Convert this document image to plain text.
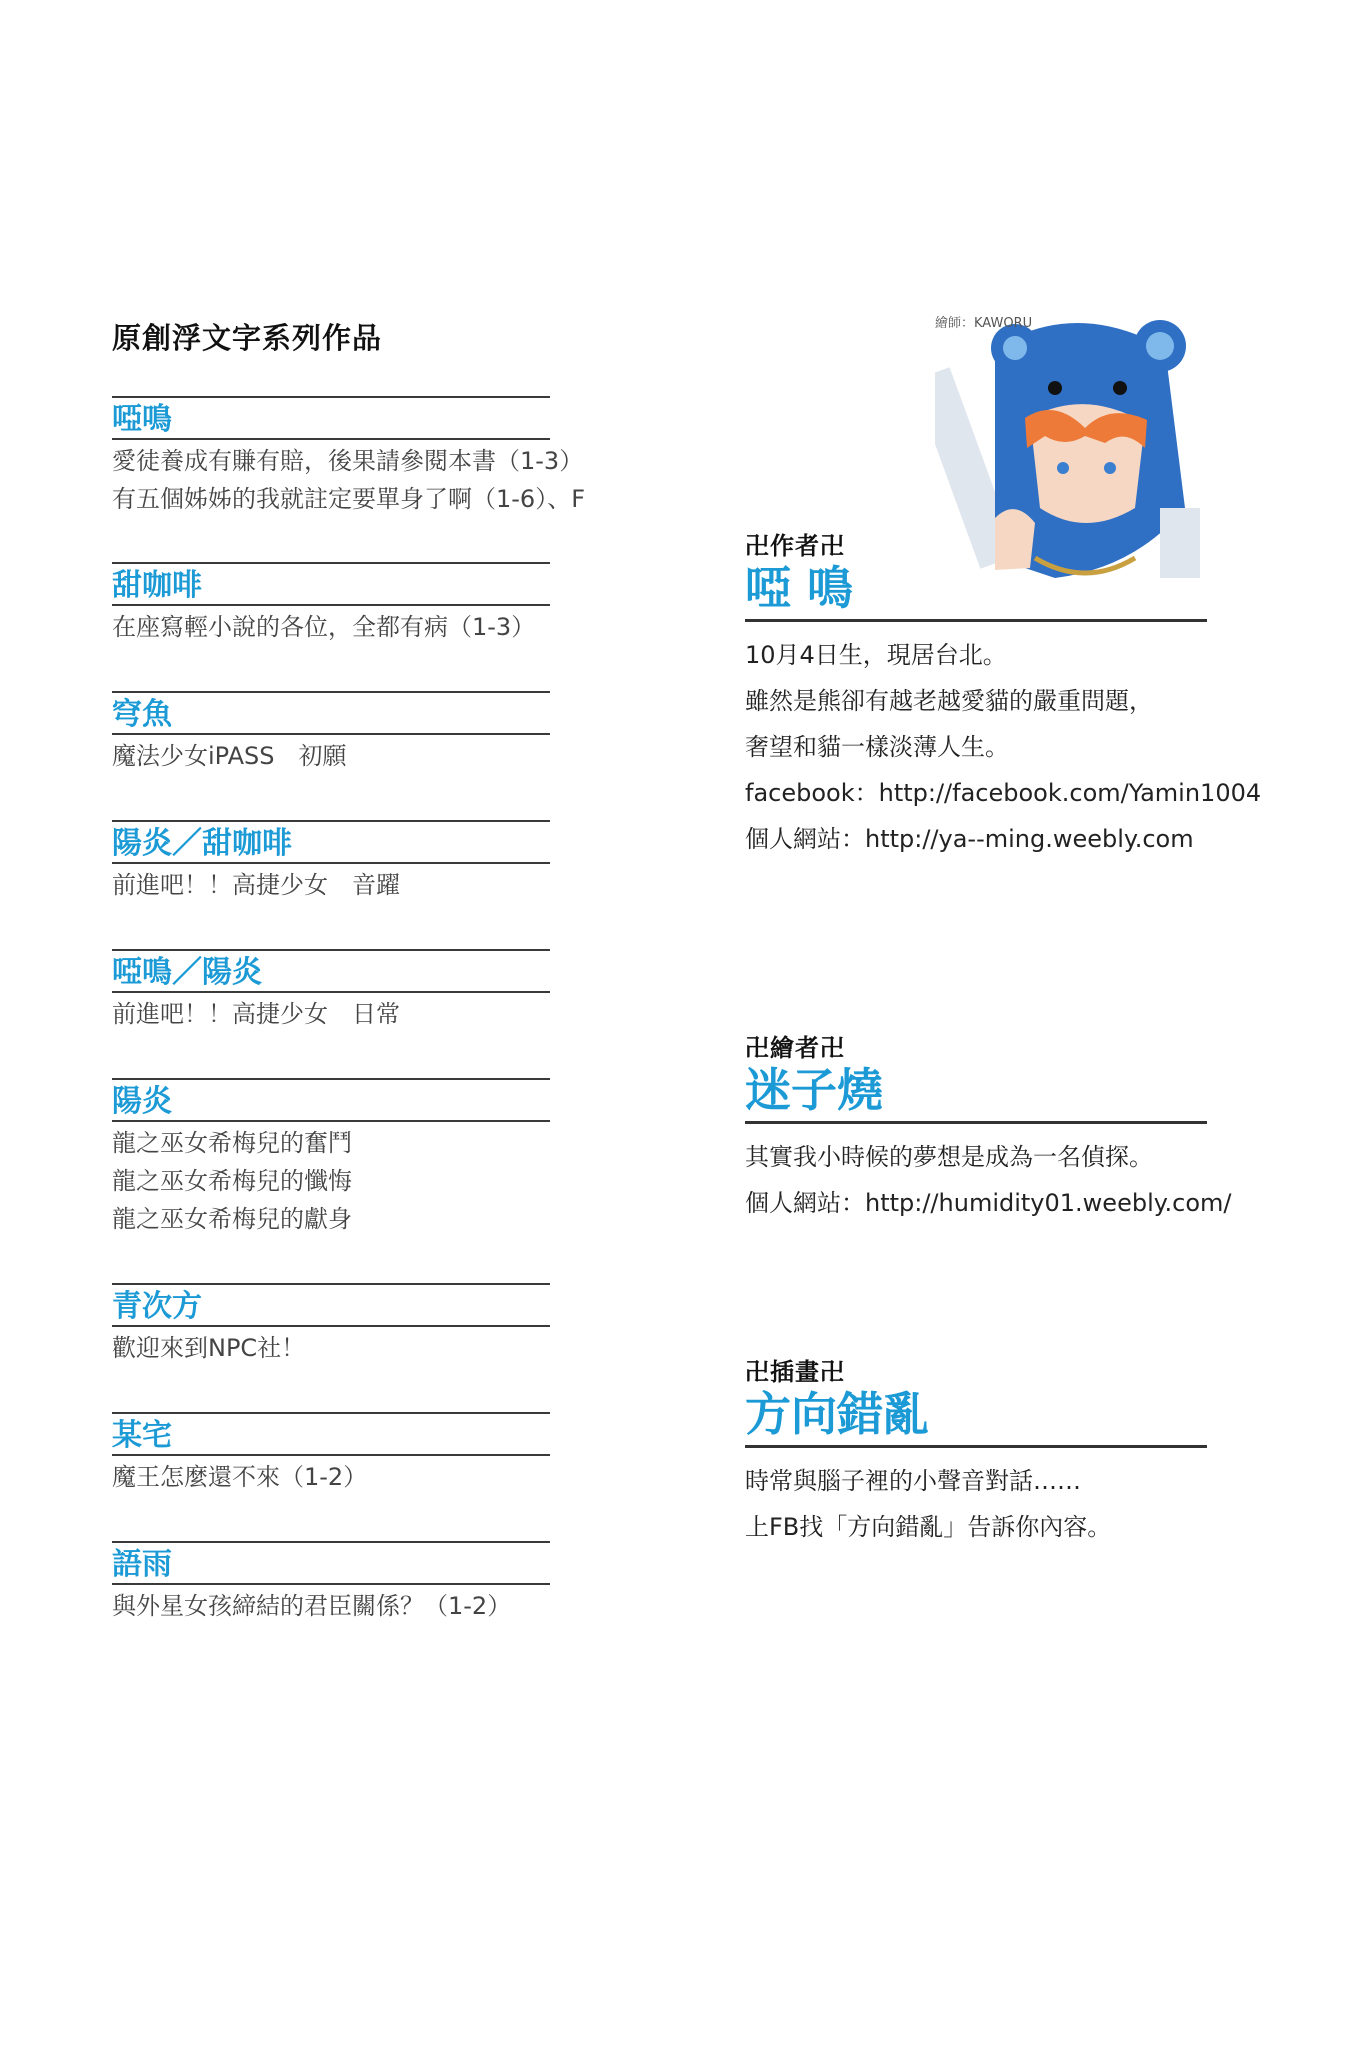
原創浮文字系列作品
啞鳴
愛徒養成有賺有賠，後果請參閱本書（1-3）
有五個姊姊的我就註定要單身了啊（1-6）、F
甜咖啡
在座寫輕小說的各位，全都有病（1-3）
穹魚
魔法少女iPASS　初願
陽炎／甜咖啡
前進吧！！高捷少女　音躍
啞鳴／陽炎
前進吧！！高捷少女　日常
陽炎
龍之巫女希梅兒的奮鬥
龍之巫女希梅兒的懺悔
龍之巫女希梅兒的獻身
青次方
歡迎來到NPC社！
某宅
魔王怎麼還不來（1-2）
語雨
與外星女孩締結的君臣關係？（1-2）
繪師：KAWORU
卍作者卍
啞 鳴
10月4日生，現居台北。
雖然是熊卻有越老越愛貓的嚴重問題，
奢望和貓一樣淡薄人生。
facebook：http://facebook.com/Yamin1004
個人網站：http://ya--ming.weebly.com
卍繪者卍
迷子燒
其實我小時候的夢想是成為一名偵探。
個人網站：http://humidity01.weebly.com/
卍插畫卍
方向錯亂
時常與腦子裡的小聲音對話……
上FB找「方向錯亂」告訴你內容。
